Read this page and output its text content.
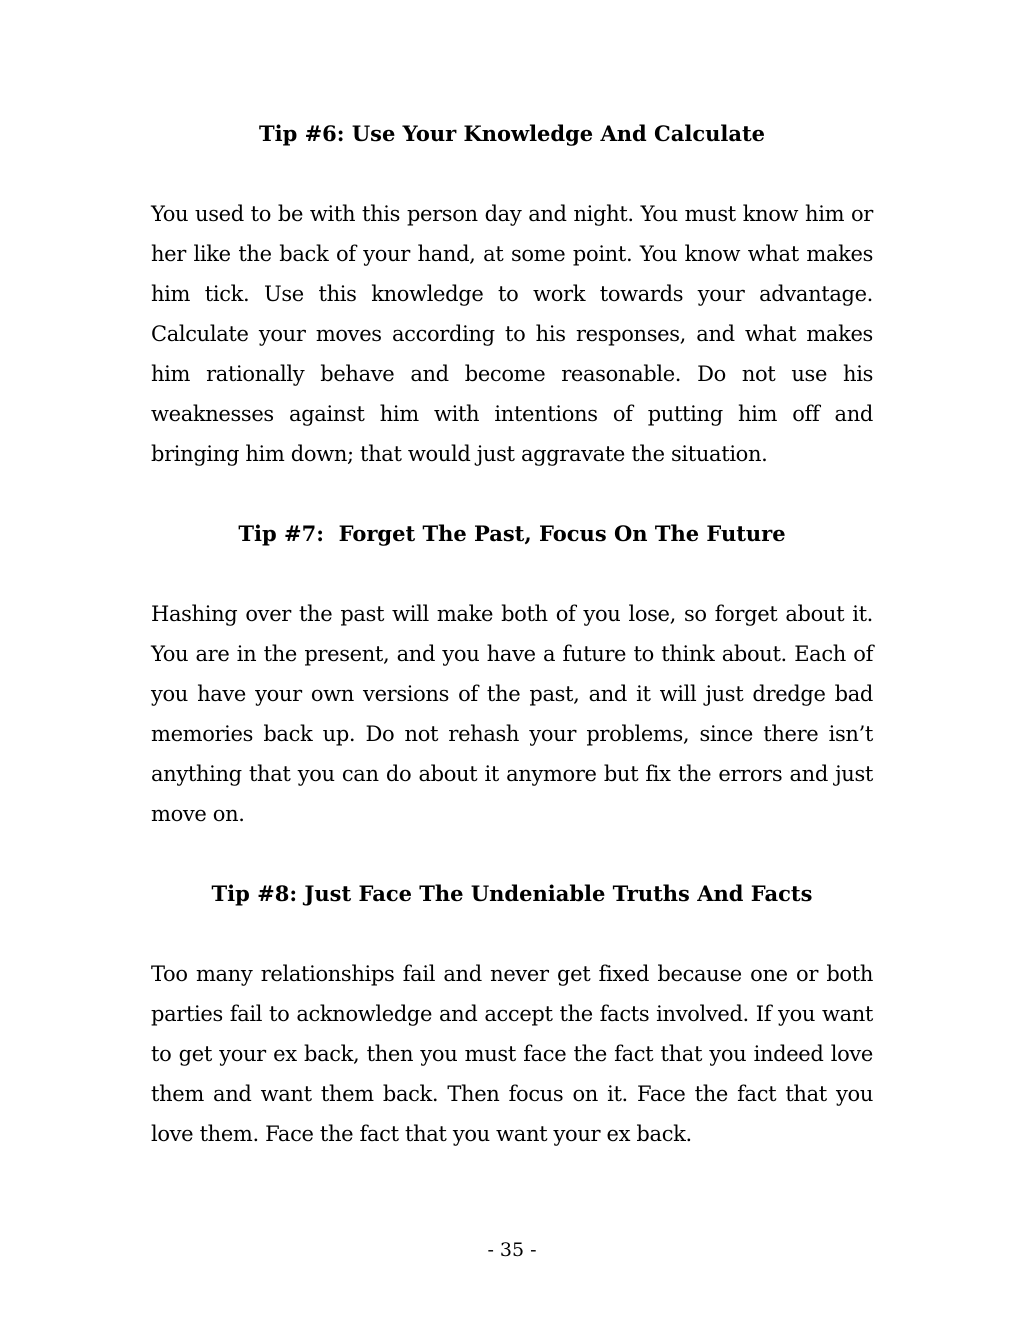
Tip #6: Use Your Knowledge And Calculate

You used to be with this person day and night. You must know him or her like the back of your hand, at some point. You know what makes him tick. Use this knowledge to work towards your advantage. Calculate your moves according to his responses, and what makes him rationally behave and become reasonable. Do not use his weaknesses against him with intentions of putting him off and bringing him down; that would just aggravate the situation.

Tip #7:  Forget The Past, Focus On The Future

Hashing over the past will make both of you lose, so forget about it. You are in the present, and you have a future to think about. Each of you have your own versions of the past, and it will just dredge bad memories back up. Do not rehash your problems, since there isn’t anything that you can do about it anymore but fix the errors and just move on.

Tip #8: Just Face The Undeniable Truths And Facts

Too many relationships fail and never get fixed because one or both parties fail to acknowledge and accept the facts involved. If you want to get your ex back, then you must face the fact that you indeed love them and want them back. Then focus on it. Face the fact that you love them. Face the fact that you want your ex back.

- 35 -
